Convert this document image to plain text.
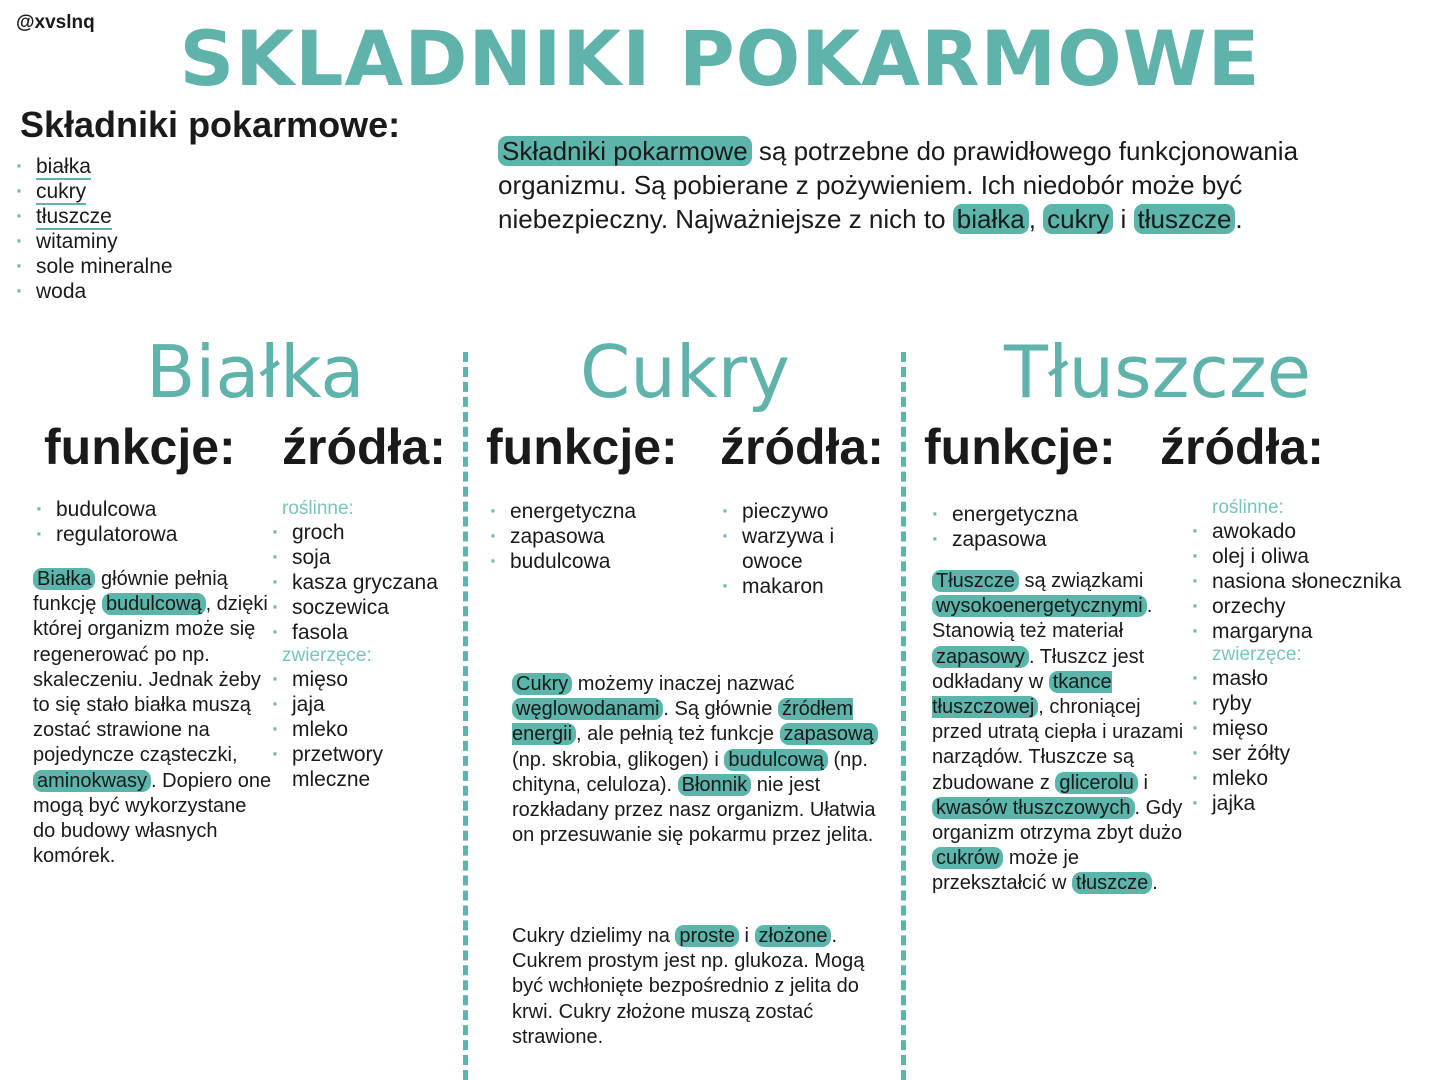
@xvslnq	SKLADNIKI POKARMOWE
Składniki pokarmowe:
· białka
· cukry
· tłuszcze
· witaminy
· sole mineralne
· woda
Składniki pokarmowe są potrzebne do prawidłowego funkcjonowania organizmu. Są pobierane z pożywieniem. Ich niedobór może być niebezpieczny. Najważniejsze z nich to białka , cukry i tłuszcze .
Białka
funkcje: źródła:
· budulcowa
· regulatorowa
roślinne:
· groch
· soja
· kasza gryczana
· soczewica
· fasola
zwierzęce:
· mięso
· jaja
· mleko
· przetwory mleczne
Białka głównie pełnią funkcję budulcową , dzięki której organizm może się regenerować po np. skaleczeniu. Jednak żeby to się stało białka muszą zostać strawione na pojedyncze cząsteczki, aminokwasy . Dopiero one mogą być wykorzystane do budowy własnych komórek.
Cukry
funkcje: źródła:
· energetyczna
· zapasowa
· budulcowa
· pieczywo
· warzywa i owoce
· makaron
Cukry możemy inaczej nazwać węglowodanami . Są głównie źródłem energii , ale pełnią też funkcje zapasową (np. skrobia, glikogen) i budulcową (np. chityna, celuloza). Błonnik nie jest rozkładany przez nasz organizm. Ułatwia on przesuwanie się pokarmu przez jelita.
Cukry dzielimy na proste i złożone . Cukrem prostym jest np. glukoza. Mogą być wchłonięte bezpośrednio z jelita do krwi. Cukry złożone muszą zostać strawione.
Tłuszcze
funkcje: źródła:
· energetyczna
· zapasowa
roślinne:
· awokado
· olej i oliwa
· nasiona słonecznika
· orzechy
· margaryna
zwierzęce:
· masło
· ryby
· mięso
· ser żółty
· mleko
· jajka
Tłuszcze są związkami wysokoenergetycznymi . Stanowią też materiał zapasowy . Tłuszcz jest odkładany w tkance tłuszczowej , chroniącej przed utratą ciepła i urazami narządów. Tłuszcze są zbudowane z glicerolu i kwasów tłuszczowych . Gdy organizm otrzyma zbyt dużo cukrów może je przekształcić w tłuszcze .
